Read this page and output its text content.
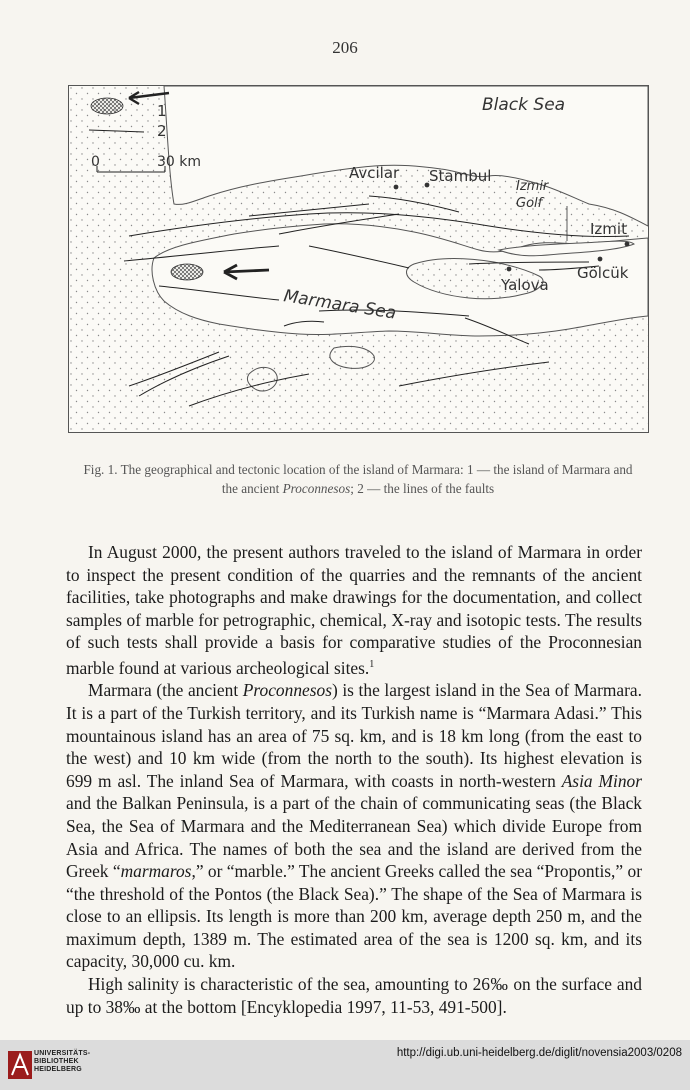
206
1
2
0	30 km
Black Sea
Avcilar Stambul
Izmir
Golf
Izmit
Gölcük
Yalova
Marmara Sea
Fig. 1. The geographical and tectonic location of the island of Marmara: 1 — the island of Marmara and the ancient Proconnesos; 2 — the lines of the faults

In August 2000, the present authors traveled to the island of Marmara in order to inspect the present condition of the quarries and the remnants of the ancient facilities, take photographs and make drawings for the documentation, and collect samples of marble for petrographic, chemical, X-ray and isotopic tests. The results of such tests shall provide a basis for comparative studies of the Proconnesian marble found at various archeological sites.$^1$

Marmara (the ancient Proconnesos) is the largest island in the Sea of Marmara. It is a part of the Turkish territory, and its Turkish name is “Marmara Adasi.” This mountainous island has an area of 75 sq. km, and is 18 km long (from the east to the west) and 10 km wide (from the north to the south). Its highest elevation is 699 m asl. The inland Sea of Marmara, with coasts in north-western Asia Minor and the Balkan Peninsula, is a part of the chain of communicating seas (the Black Sea, the Sea of Marmara and the Mediterranean Sea) which divide Europe from Asia and Africa. The names of both the sea and the island are derived from the Greek “marmaros,” or “marble.” The ancient Greeks called the sea “Propontis,” or “the threshold of the Pontos (the Black Sea).” The shape of the Sea of Marmara is close to an ellipsis. Its length is more than 200 km, average depth 250 m, and the maximum depth, 1389 m. The estimated area of the sea is 1200 sq. km, and its capacity, 30,000 cu. km.

High salinity is characteristic of the sea, amounting to 26‰ on the surface and up to 38‰ at the bottom [Encyklopedia 1997, 11-53, 491-500].

UNIVERSITÄTS-
BIBLIOTHEK
HEIDELBERG
http://digi.ub.uni-heidelberg.de/diglit/novensia2003/0208
